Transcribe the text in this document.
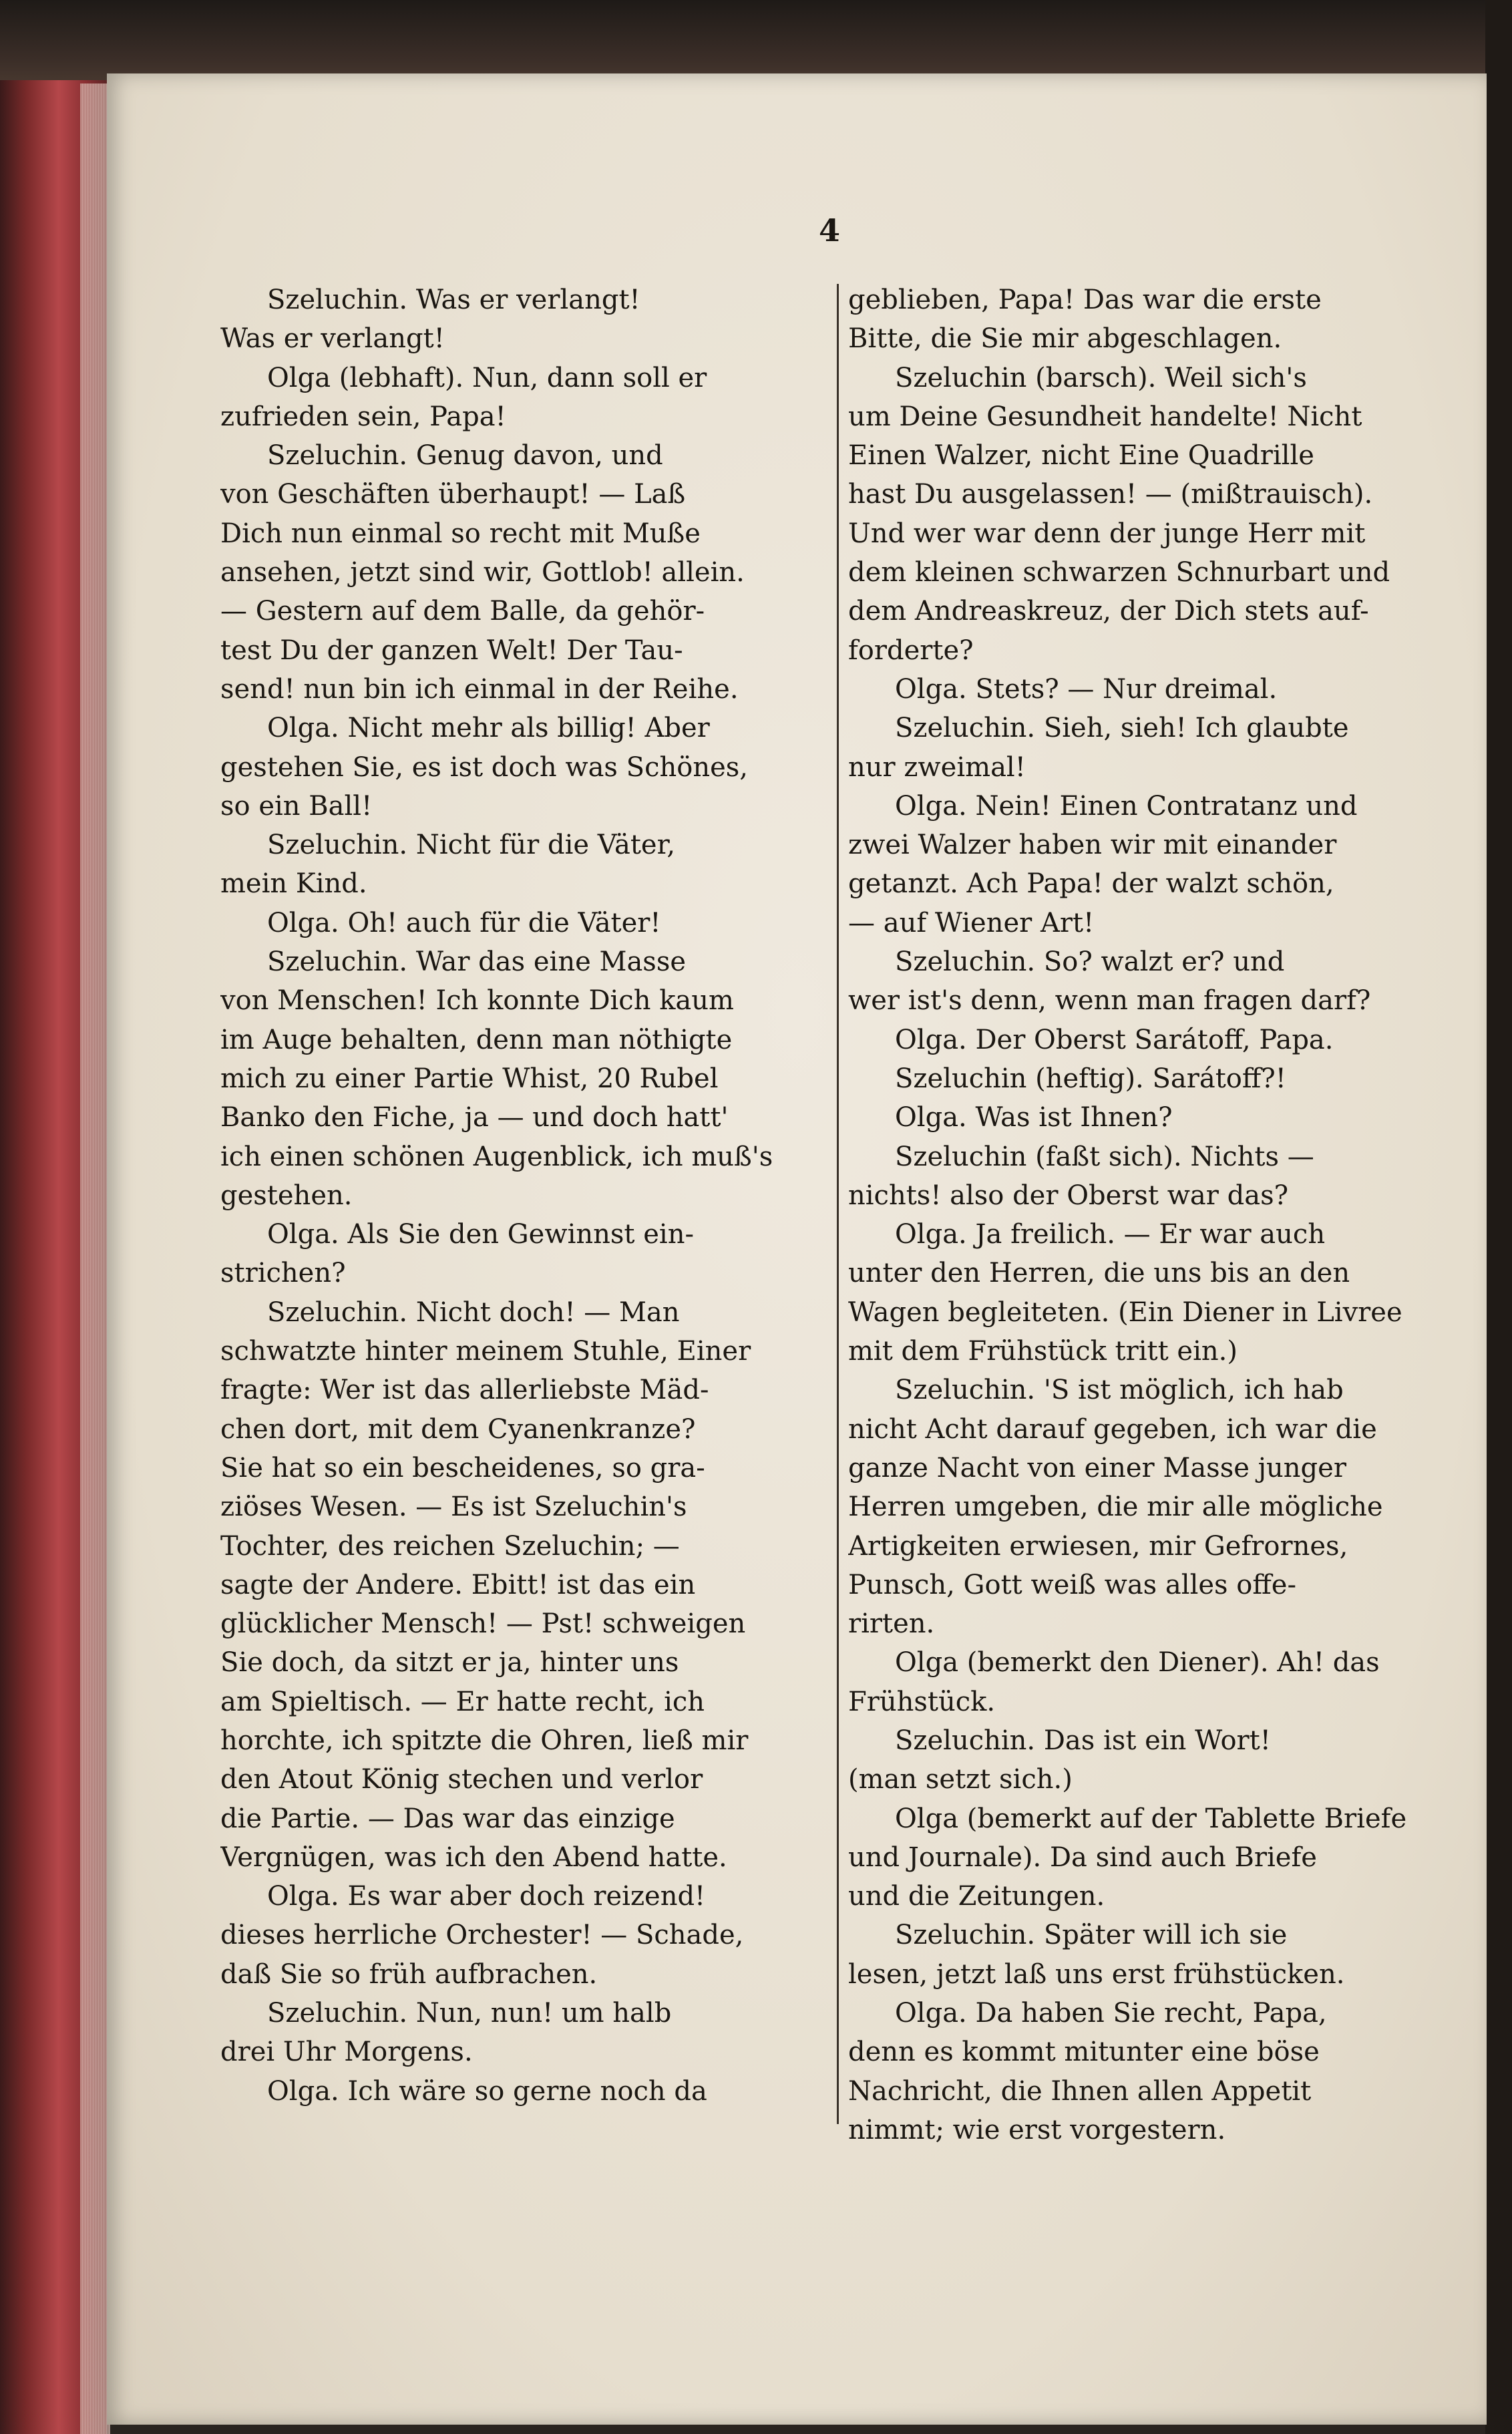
4
Szeluchin. Was er verlangt!
Was er verlangt!
Olga (lebhaft). Nun, dann soll er
zufrieden sein, Papa!
Szeluchin. Genug davon, und
von Geschäften überhaupt! — Laß
Dich nun einmal so recht mit Muße
ansehen, jetzt sind wir, Gottlob! allein.
— Gestern auf dem Balle, da gehör-
test Du der ganzen Welt! Der Tau-
send! nun bin ich einmal in der Reihe.
Olga. Nicht mehr als billig! Aber
gestehen Sie, es ist doch was Schönes,
so ein Ball!
Szeluchin. Nicht für die Väter,
mein Kind.
Olga. Oh! auch für die Väter!
Szeluchin. War das eine Masse
von Menschen! Ich konnte Dich kaum
im Auge behalten, denn man nöthigte
mich zu einer Partie Whist, 20 Rubel
Banko den Fiche, ja — und doch hatt'
ich einen schönen Augenblick, ich muß's
gestehen.
Olga. Als Sie den Gewinnst ein-
strichen?
Szeluchin. Nicht doch! — Man
schwatzte hinter meinem Stuhle, Einer
fragte: Wer ist das allerliebste Mäd-
chen dort, mit dem Cyanenkranze?
Sie hat so ein bescheidenes, so gra-
ziöses Wesen. — Es ist Szeluchin's
Tochter, des reichen Szeluchin; —
sagte der Andere. Ebitt! ist das ein
glücklicher Mensch! — Pst! schweigen
Sie doch, da sitzt er ja, hinter uns
am Spieltisch. — Er hatte recht, ich
horchte, ich spitzte die Ohren, ließ mir
den Atout König stechen und verlor
die Partie. — Das war das einzige
Vergnügen, was ich den Abend hatte.
Olga. Es war aber doch reizend!
dieses herrliche Orchester! — Schade,
daß Sie so früh aufbrachen.
Szeluchin. Nun, nun! um halb
drei Uhr Morgens.
Olga. Ich wäre so gerne noch da
geblieben, Papa! Das war die erste
Bitte, die Sie mir abgeschlagen.
Szeluchin (barsch). Weil sich's
um Deine Gesundheit handelte! Nicht
Einen Walzer, nicht Eine Quadrille
hast Du ausgelassen! — (mißtrauisch).
Und wer war denn der junge Herr mit
dem kleinen schwarzen Schnurbart und
dem Andreaskreuz, der Dich stets auf-
forderte?
Olga. Stets? — Nur dreimal.
Szeluchin. Sieh, sieh! Ich glaubte
nur zweimal!
Olga. Nein! Einen Contratanz und
zwei Walzer haben wir mit einander
getanzt. Ach Papa! der walzt schön,
— auf Wiener Art!
Szeluchin. So? walzt er? und
wer ist's denn, wenn man fragen darf?
Olga. Der Oberst Sarátoff, Papa.
Szeluchin (heftig). Sarátoff?!
Olga. Was ist Ihnen?
Szeluchin (faßt sich). Nichts —
nichts! also der Oberst war das?
Olga. Ja freilich. — Er war auch
unter den Herren, die uns bis an den
Wagen begleiteten. (Ein Diener in Livree
mit dem Frühstück tritt ein.)
Szeluchin. 'S ist möglich, ich hab
nicht Acht darauf gegeben, ich war die
ganze Nacht von einer Masse junger
Herren umgeben, die mir alle mögliche
Artigkeiten erwiesen, mir Gefrornes,
Punsch, Gott weiß was alles offe-
rirten.
Olga (bemerkt den Diener). Ah! das
Frühstück.
Szeluchin. Das ist ein Wort!
(man setzt sich.)
Olga (bemerkt auf der Tablette Briefe
und Journale). Da sind auch Briefe
und die Zeitungen.
Szeluchin. Später will ich sie
lesen, jetzt laß uns erst frühstücken.
Olga. Da haben Sie recht, Papa,
denn es kommt mitunter eine böse
Nachricht, die Ihnen allen Appetit
nimmt; wie erst vorgestern.
